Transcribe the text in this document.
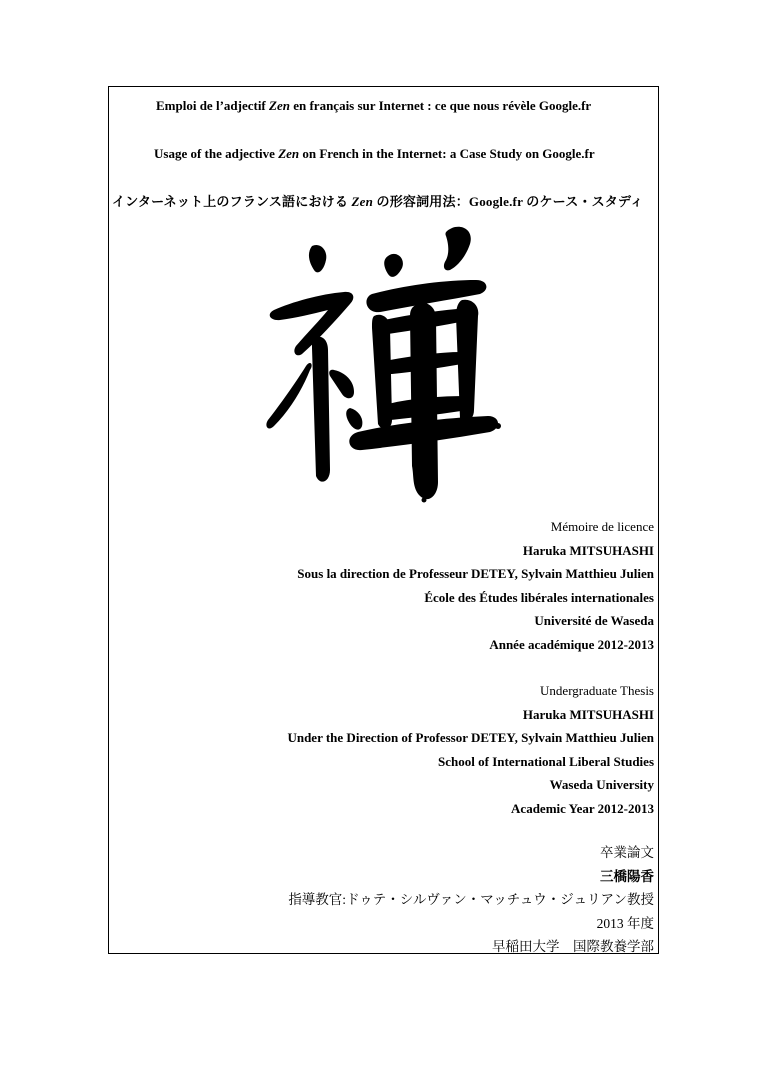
Emploi de l’adjectif Zen en français sur Internet : ce que nous révèle Google.fr
Usage of the adjective Zen on French in the Internet: a Case Study on Google.fr
インターネット上のフランス語における Zen の形容詞用法：Google.fr のケース・スタディ
Mémoire de licence
Haruka MITSUHASHI
Sous la direction de Professeur DETEY, Sylvain Matthieu Julien
École des Études libérales internationales
Université de Waseda
Année académique 2012-2013
Undergraduate Thesis
Haruka MITSUHASHI
Under the Direction of Professor DETEY, Sylvain Matthieu Julien
School of International Liberal Studies
Waseda University
Academic Year 2012-2013
卒業論文
三橋陽香
指導教官:ドゥテ・シルヴァン・マッチュウ・ジュリアン教授
2013 年度
早稲田大学　国際教養学部
